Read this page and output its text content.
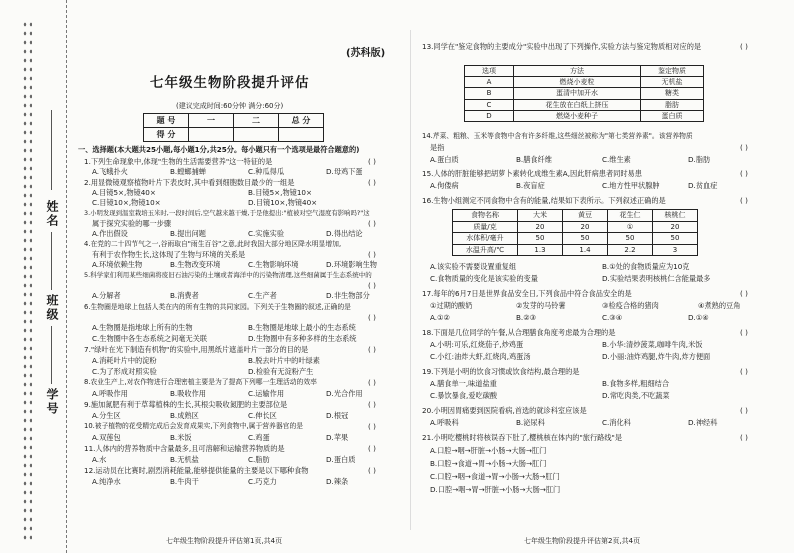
姓名
班级
学号
(苏科版)
七年级生物阶段提升评估
(建议完成时间:60分钟 满分:60分)
题 号	一	二	总 分
得 分			
一、选择题(本大题共25小题,每小题1分,共25分。每小题只有一个选项是最符合题意的)
1.下列生命现象中,体现"生物的生活需要营养"这一特征的是	( )
A.飞蛾扑火	B.螳螂捕蝉	C.种瓜得瓜	D.母鸡下蛋
2.用显微镜观察植物叶片下表皮时,其中看到细胞数目最少的一组是	( )
A.目镜5×,物镜40×	B.目镜5×,物镜10×
C.目镜10×,物镜10×	D.目镜10×,物镜40×
3.小明发现到温室栽培玉米时,一段时间后,空气越来越干燥,于是他提出:"植被对空气湿度有影响吗?"这
属于探究实验的哪一步骤	( )
A.作出假设	B.提出问题	C.实施实验	D.得出结论
4.在党的二十四节气之一,谷雨取自"雨生百谷"之意,此时我国大部分地区降水明显增加,
有利于农作物生长,这体现了生物与环境的关系是	( )
A.环境依赖生物	B.生物改变环境	C.生物影响环境	D.环境影响生物
5.科学家们利用某些细菌将废旧石油污染的土壤或者海洋中的污染物清理,这些细菌属于生态系统中的
( )
A.分解者	B.消费者	C.生产者	D.非生物部分
6.生物圈是地球上包括人类在内的所有生物的共同家园。下列关于生物圈的叙述,正确的是
( )
A.生物圈是指地球上所有的生物	B.生物圈是地球上最小的生态系统
C.生物圈中各生态系统之间毫无关联	D.生物圈中有多种多样的生态系统
7."绿叶在光下制造有机物"的实验中,用黑纸片遮盖叶片一部分的目的是	( )
A.消耗叶片中的淀粉	B.脱去叶片中的叶绿素
C.为了形成对照实验	D.检验有无淀粉产生
8.农业生产上,对农作物进行合理密植主要是为了提高下列哪一生理活动的效率	( )
A.呼吸作用	B.吸收作用	C.运输作用	D.光合作用
9.施加氮肥有利于草莓植株的生长,其根尖吸收氮肥的主要部位是	( )
A.分生区	B.成熟区	C.伸长区	D.根冠
10.被子植物的花受精完成后会发育成果实,下列食物中,属于营养器官的是	( )
A.双莲包	B.米饭	C.鸡蛋	D.苹果
11.人体内的营养物质中含量最多,且可溶解和运输营养物质的是	( )
A.水	B.无机盐	C.脂肪	D.蛋白质
12.运动员在比赛时,剧烈消耗能量,能够提供能量的主要是以下哪种食物	( )
A.纯净水	B.牛肉干	C.巧克力	D.辣条
七年级生物阶段提升评估第1页,共4页
13.同学在"鉴定食物的主要成分"实验中出现了下列操作,实验方法与鉴定物质相对应的是	( )
选项	方法	鉴定物质
A	燃烧小麦粒	无机盐
B	蛋清中加开水	糖类
C	花生放在白纸上挤压	脂肪
D	燃烧小麦种子	蛋白质
14.芹菜、粗粮、玉米等食物中含有许多纤维,这些细丝被称为"第七类营养素"。该营养物质
是指	( )
A.蛋白质	B.膳食纤维	C.维生素	D.脂肪
15.人体的肝脏能够把胡萝卜素转化成维生素A,因此肝病患者同时易患	( )
A.佝偻病	B.夜盲症	C.地方性甲状腺肿	D.贫血症
16.生物小组测定不同食物中含有的能量,结果如下表所示。下列叙述正确的是	( )
食物名称	大米	黄豆	花生仁	核桃仁
质量/克	20	20	①	20
水体积/毫升	50	50	50	50
水温升高/℃	1.3	1.4	2.2	3
A.该实验不需要设置重复组	B.①处的食物质量应为10克
C.食物质量的变化是该实验的变量	D.实验结果表明核桃仁含能量最多
17.每年的6月7日是世界食品安全日,下列食品中符合食品安全的是	( )
①过期的酸奶	②发芽的马铃薯	③检疫合格的猪肉	④煮熟的豆角
A.①②	B.②③	C.③④	D.①④
18.下面是几位同学的午餐,从合理膳食角度考虑最为合理的是	( )
A.小明:可乐,红烧茄子,炒鸡蛋	B.小华:清炒菠菜,咖啡牛肉,米饭
C.小红:油炸大虾,红烧肉,鸡蛋汤	D.小丽:油炸鸡腿,炸牛肉,炸方便面
19.下列是小明的饮食习惯或饮食结构,最合理的是	( )
A.膳食单一,味道盐重	B.食物多样,粗细结合
C.暴饮暴食,爱吃碳酸	D.常吃肉类,不吃蔬菜
20.小明因胃痛要到医院看病,首选的就诊科室应该是	( )
A.呼吸科	B.泌尿科	C.消化科	D.神经科
21.小明吃樱桃时将核误吞下肚了,樱桃核在体内的"旅行路线"是	( )
A.口腔→咽→肝脏→小肠→大肠→肛门
B.口腔→食道→胃→小肠→大肠→肛门
C.口腔→咽→食道→胃→小肠→大肠→肛门
D.口腔→咽→胃→肝脏→小肠→大肠→肛门
七年级生物阶段提升评估第2页,共4页
